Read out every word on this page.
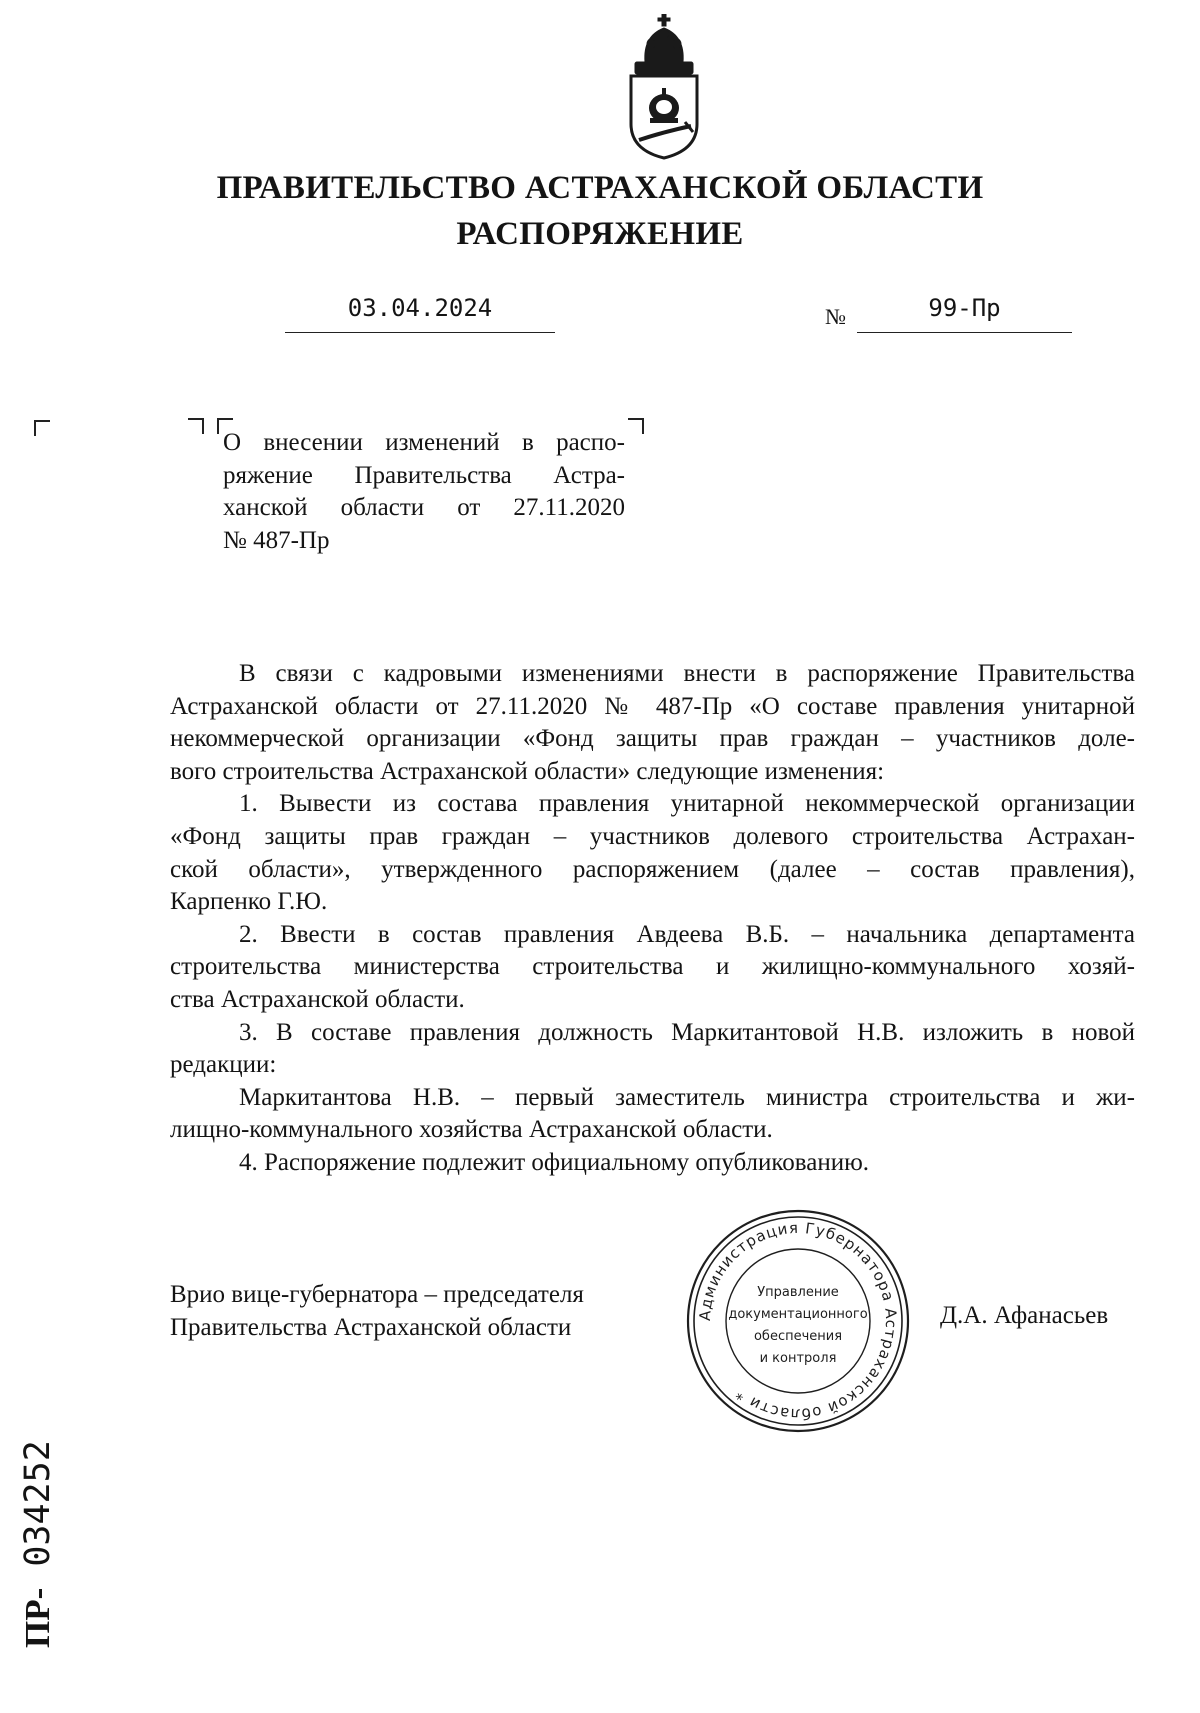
ПРАВИТЕЛЬСТВО АСТРАХАНСКОЙ ОБЛАСТИ
РАСПОРЯЖЕНИЕ
03.04.2024	№	99-Пр
О внесении изменений в распо-
ряжение Правительства Астра-
ханской области от 27.11.2020
№ 487-Пр
В связи с кадровыми изменениями внести в распоряжение Правительства
Астраханской области от 27.11.2020 № 487-Пр «О составе правления унитарной
некоммерческой организации «Фонд защиты прав граждан – участников доле-
вого строительства Астраханской области» следующие изменения:
1. Вывести из состава правления унитарной некоммерческой организации
«Фонд защиты прав граждан – участников долевого строительства Астрахан-
ской области», утвержденного распоряжением (далее – состав правления),
Карпенко Г.Ю.
2. Ввести в состав правления Авдеева В.Б. – начальника департамента
строительства министерства строительства и жилищно-коммунального хозяй-
ства Астраханской области.
3. В составе правления должность Маркитантовой Н.В. изложить в новой
редакции:
Маркитантова Н.В. – первый заместитель министра строительства и жи-
лищно-коммунального хозяйства Астраханской области.
4. Распоряжение подлежит официальному опубликованию.
Врио вице-губернатора – председателя
Правительства Астраханской области	Д.А. Афанасьев
Администрация Губернатора Астраханской области *
Управление
документационного
обеспечения
и контроля
ПР- 034252
